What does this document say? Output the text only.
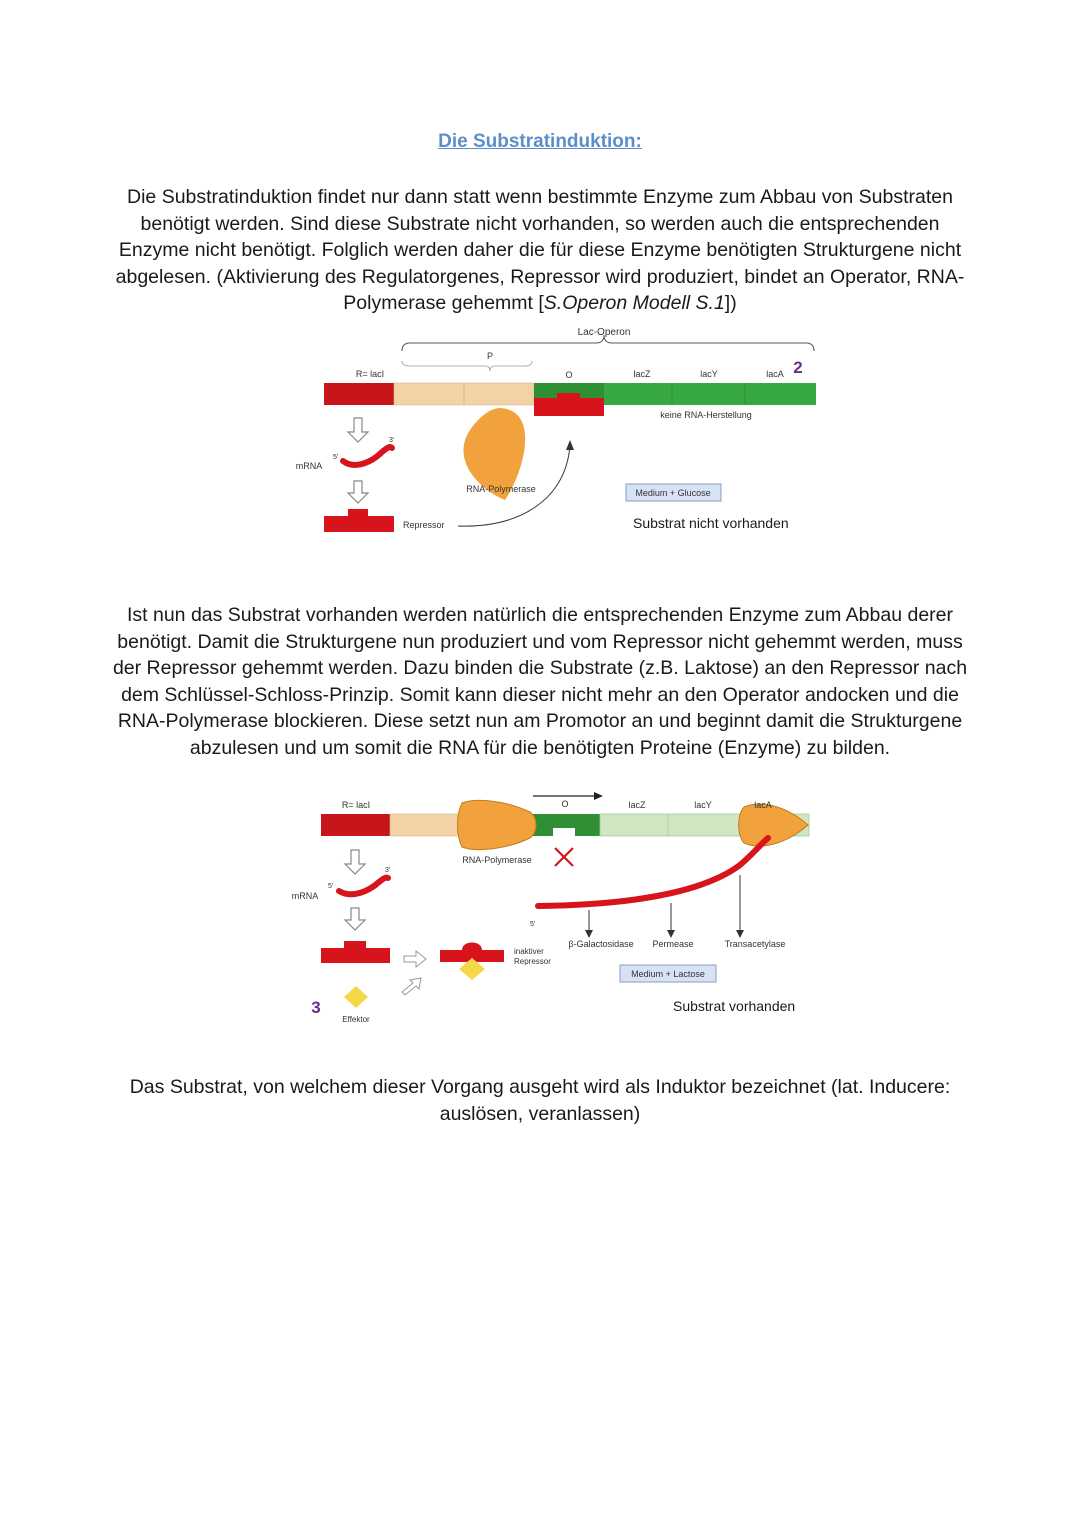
Die Substratinduktion:
Die Substratinduktion findet nur dann statt wenn bestimmte Enzyme zum Abbau von Substraten
benötigt werden. Sind diese Substrate nicht vorhanden, so werden auch die entsprechenden
Enzyme nicht benötigt. Folglich werden daher die für diese Enzyme benötigten Strukturgene nicht
abgelesen. (Aktivierung des Regulatorgenes, Repressor wird produziert, bindet an Operator, RNA-
Polymerase gehemmt [S.Operon Modell S.1])
Lac-Operon
P
R= lacI	O	lacZ	lacY	lacA 2
keine RNA-Herstellung
RNA-Polymerase
mRNA
5'
3'
Repressor
Medium + Glucose
Substrat nicht vorhanden
Ist nun das Substrat vorhanden werden natürlich die entsprechenden Enzyme zum Abbau derer
benötigt. Damit die Strukturgene nun produziert und vom Repressor nicht gehemmt werden, muss
der Repressor gehemmt werden. Dazu binden die Substrate (z.B. Laktose) an den Repressor nach
dem Schlüssel-Schloss-Prinzip. Somit kann dieser nicht mehr an den Operator andocken und die
RNA-Polymerase blockieren. Diese setzt nun am Promotor an und beginnt damit die Strukturgene
abzulesen und um somit die RNA für die benötigten Proteine (Enzyme) zu bilden.
R= lacI	O	lacZ	lacY	lacA
RNA-Polymerase
5'
β-Galactosidase Permease	Transacetylase
mRNA
5'
3'
Effektor
3
inaktiver
Repressor
Medium + Lactose
Substrat vorhanden
Das Substrat, von welchem dieser Vorgang ausgeht wird als Induktor bezeichnet (lat. Inducere:
auslösen, veranlassen)
